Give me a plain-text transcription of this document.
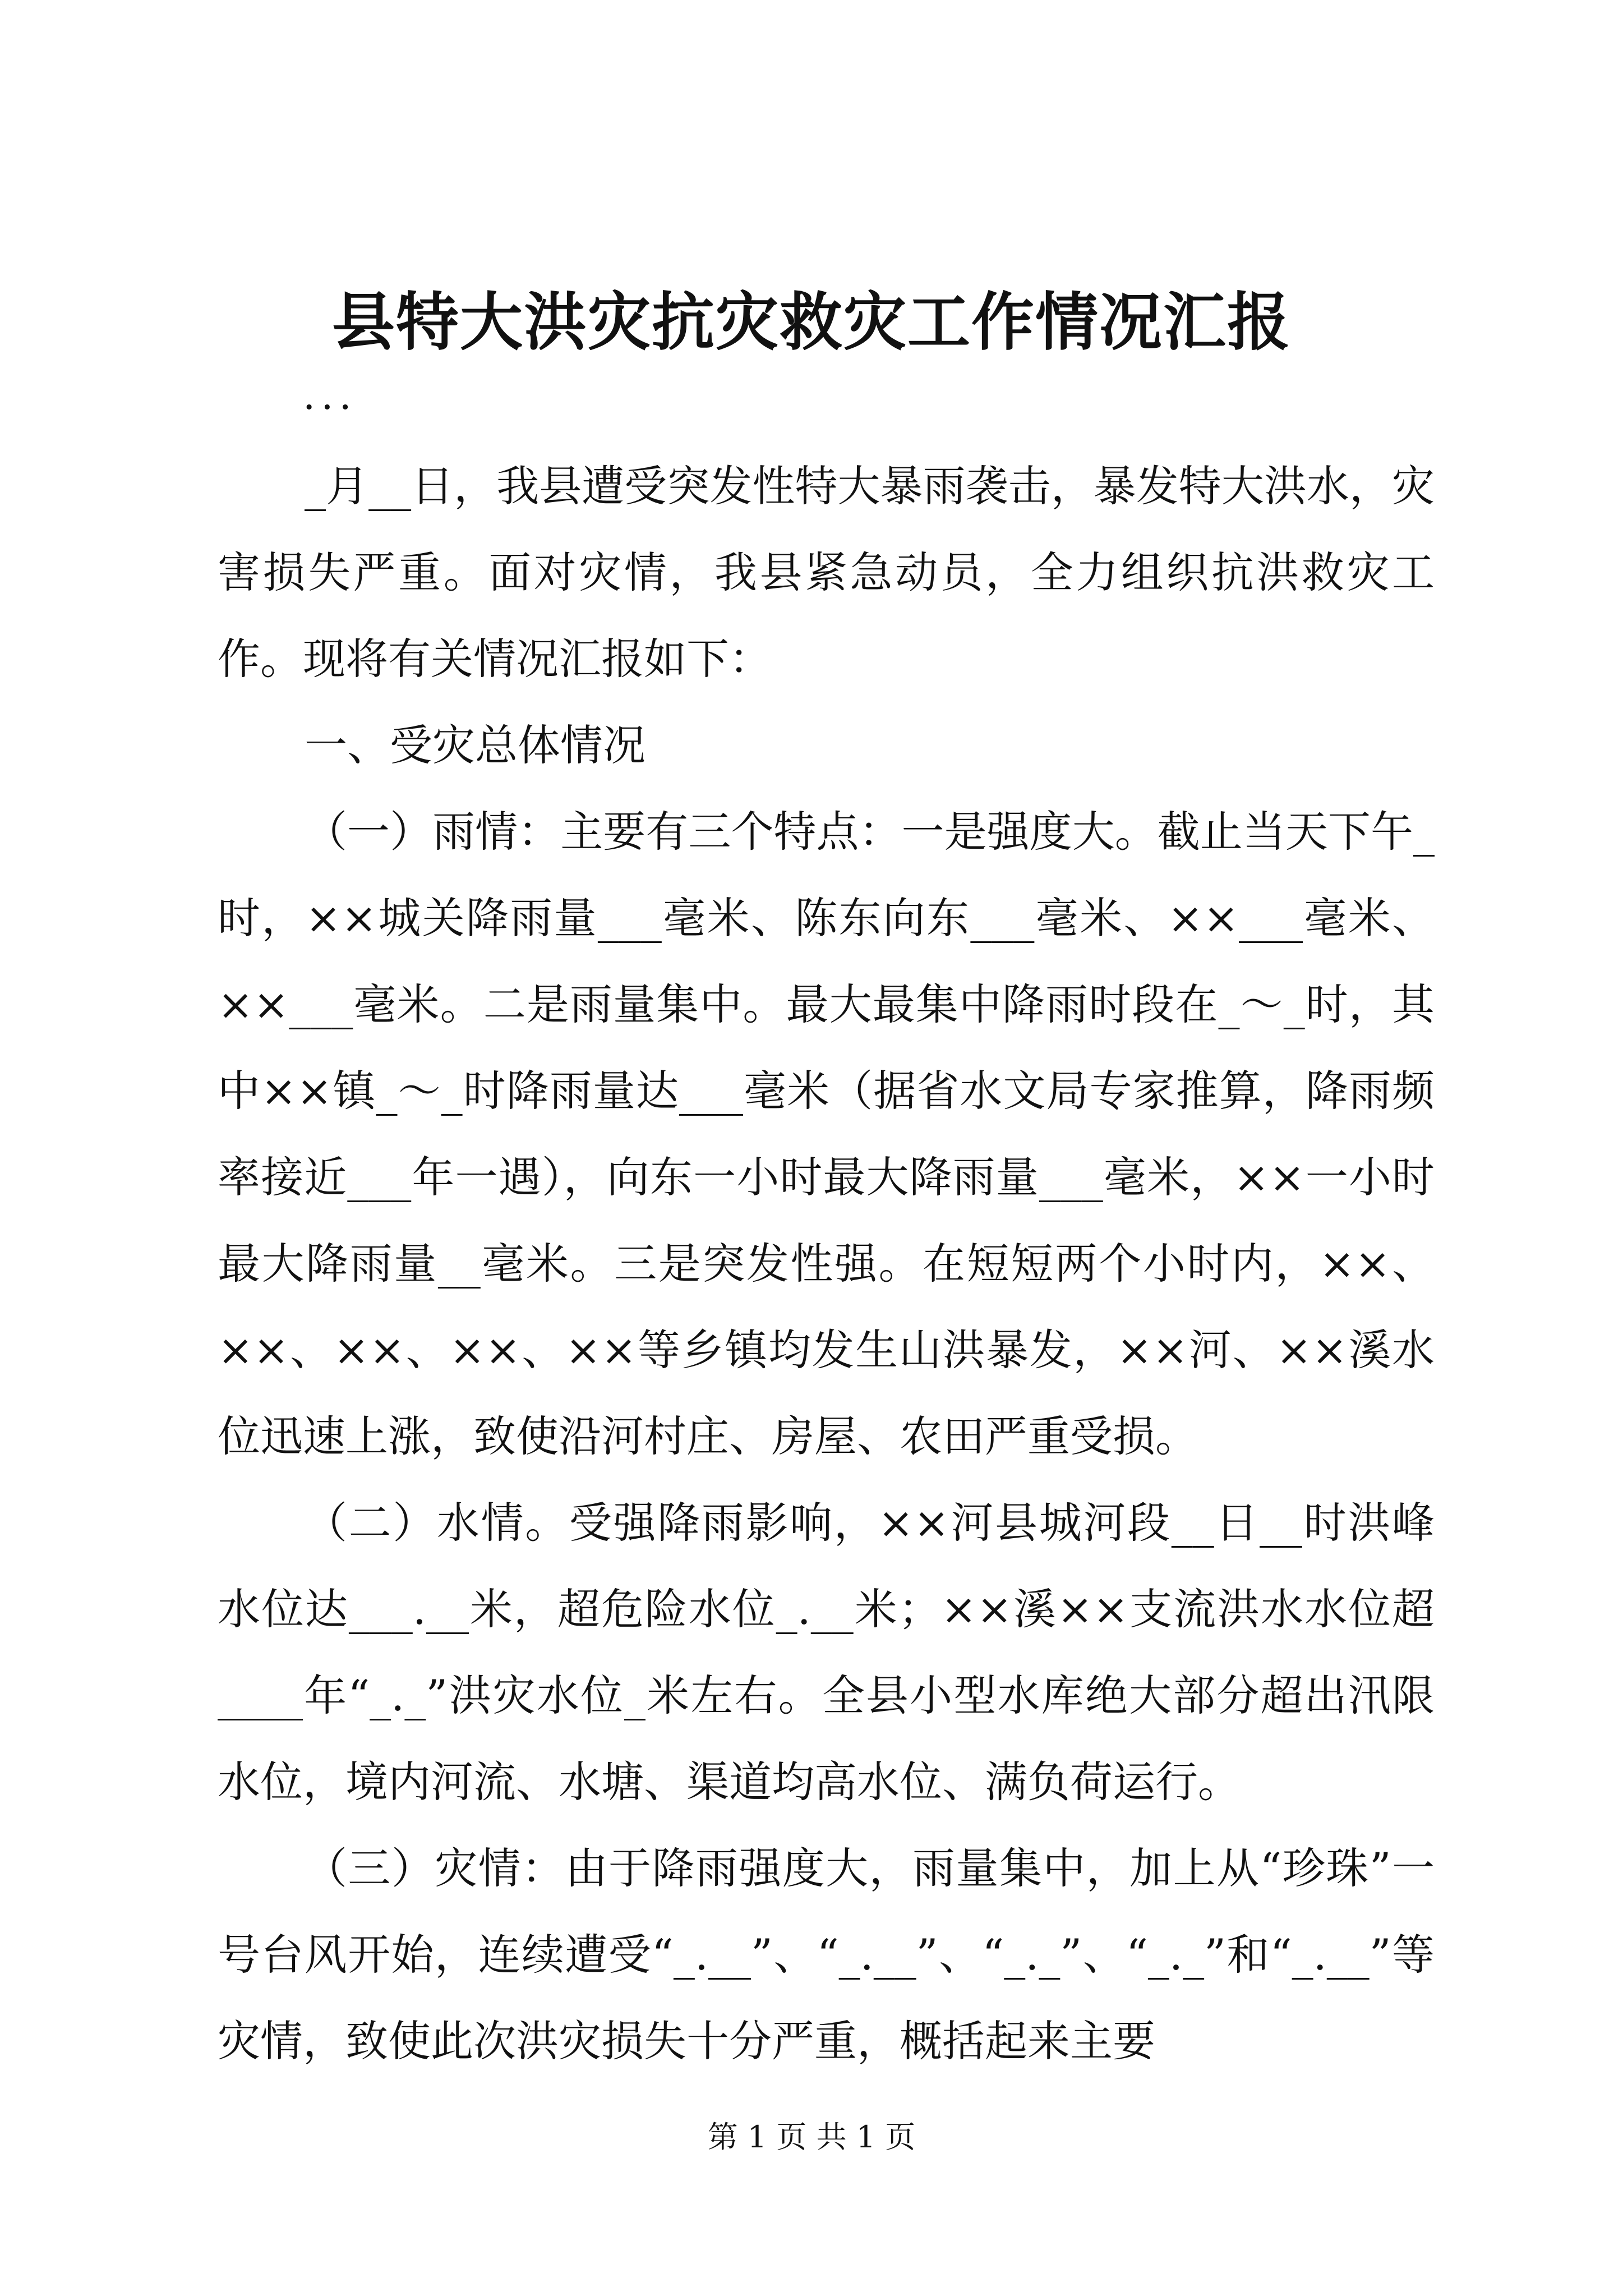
县特大洪灾抗灾救灾工作情况汇报
...

_月__日，我县遭受突发性特大暴雨袭击，暴发特大洪水，灾害损失严重。面对灾情，我县紧急动员，全力组织抗洪救灾工作。现将有关情况汇报如下：

一、受灾总体情况

（一）雨情：主要有三个特点：一是强度大。截止当天下午_时，××城关降雨量___毫米、陈东向东___毫米、××___毫米、××___毫米。二是雨量集中。最大最集中降雨时段在_～_时，其中××镇_～_时降雨量达___毫米（据省水文局专家推算，降雨频率接近___年一遇），向东一小时最大降雨量___毫米，××一小时最大降雨量__毫米。三是突发性强。在短短两个小时内，××、××、××、××、××等乡镇均发生山洪暴发，××河、××溪水位迅速上涨，致使沿河村庄、房屋、农田严重受损。

（二）水情。受强降雨影响，××河县城河段__日__时洪峰水位达___.__米，超危险水位_.__米；××溪××支流洪水水位超____年“_._”洪灾水位_米左右。全县小型水库绝大部分超出汛限水位，境内河流、水塘、渠道均高水位、满负荷运行。

（三）灾情：由于降雨强度大，雨量集中，加上从“珍珠”一号台风开始，连续遭受“_.__”、“_.__”、“_._”、“_._”和“_.__”等灾情，致使此次洪灾损失十分严重，概括起来主要

第 1 页 共 1 页
